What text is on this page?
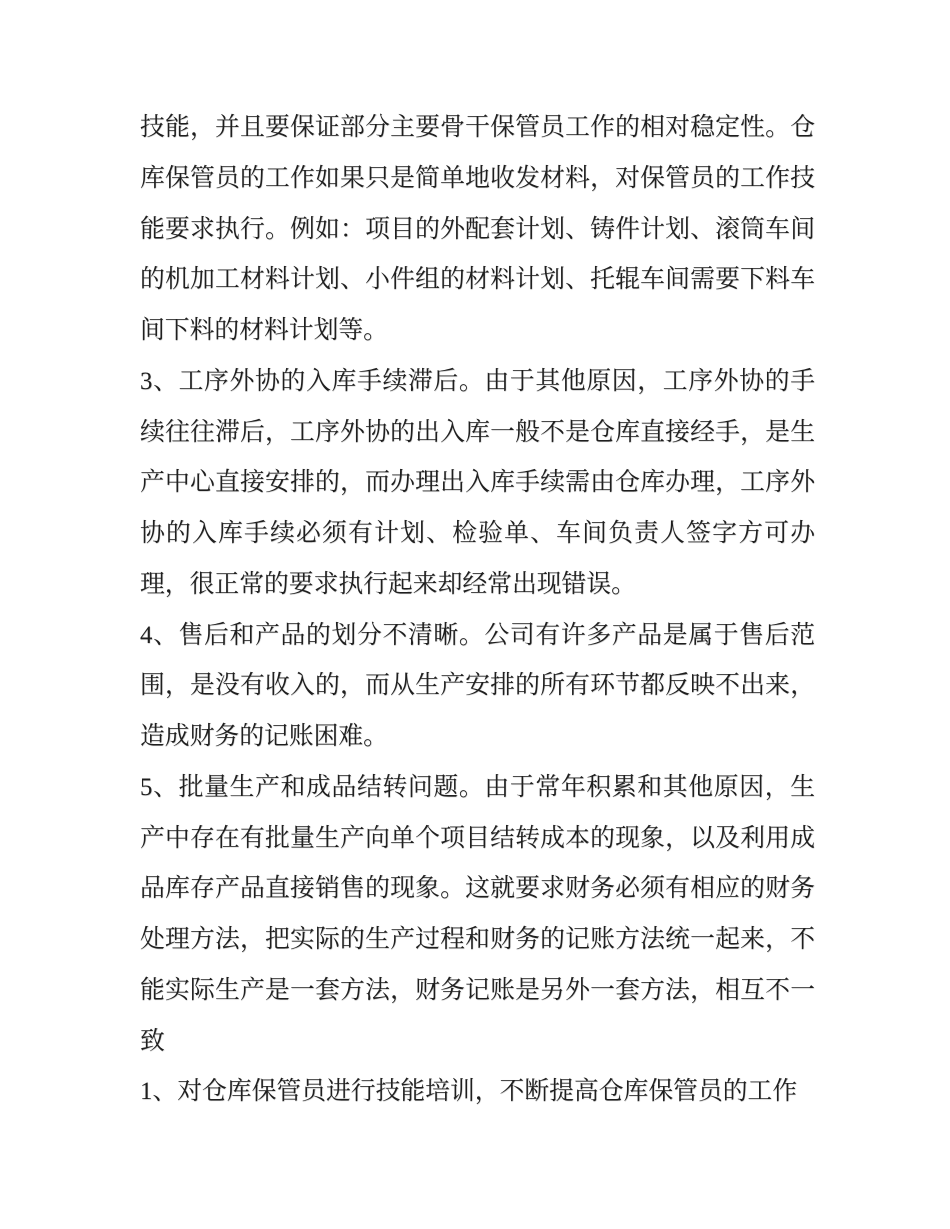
技能，并且要保证部分主要骨干保管员工作的相对稳定性。仓
库保管员的工作如果只是简单地收发材料，对保管员的工作技
能要求执行。例如：项目的外配套计划、铸件计划、滚筒车间
的机加工材料计划、小件组的材料计划、托辊车间需要下料车
间下料的材料计划等。
3、工序外协的入库手续滞后。由于其他原因，工序外协的手
续往往滞后，工序外协的出入库一般不是仓库直接经手，是生
产中心直接安排的，而办理出入库手续需由仓库办理，工序外
协的入库手续必须有计划、检验单、车间负责人签字方可办
理，很正常的要求执行起来却经常出现错误。
4、售后和产品的划分不清晰。公司有许多产品是属于售后范
围，是没有收入的，而从生产安排的所有环节都反映不出来，
造成财务的记账困难。
5、批量生产和成品结转问题。由于常年积累和其他原因，生
产中存在有批量生产向单个项目结转成本的现象，以及利用成
品库存产品直接销售的现象。这就要求财务必须有相应的财务
处理方法，把实际的生产过程和财务的记账方法统一起来，不
能实际生产是一套方法，财务记账是另外一套方法，相互不一
致
1、对仓库保管员进行技能培训，不断提高仓库保管员的工作
